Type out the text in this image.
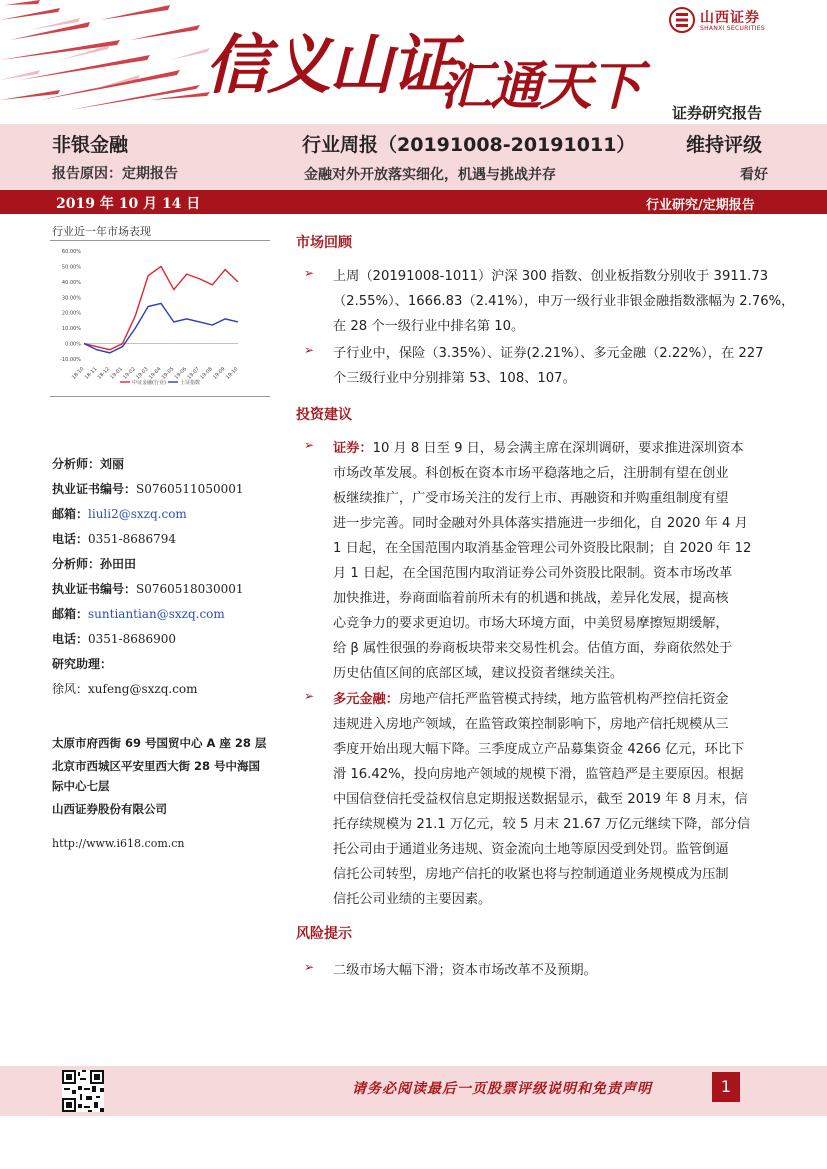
山西证券
SHANXI SECURITIES
信义山证
汇通天下 证券研究报告
非银金融	行业周报（20191008-20191011）	维持评级
报告原因：定期报告	金融对外开放落实细化，机遇与挑战并存	看好
2019 年 10 月 14 日	行业研究/定期报告
行业近一年市场表现
60.00%
50.00%
40.00%
30.00%
20.00%
10.00%
0.00%
-10.00%
18-10
18-11
18-12
19-01
19-02
19-03
19-04
19-05
19-06
19-07
19-08
19-09
19-10
中证金融(行业)	上证指数
分析师：刘丽
执业证书编号：S0760511050001
邮箱：liuli2@sxzq.com
电话：0351-8686794
分析师：孙田田
执业证书编号：S0760518030001
邮箱：suntiantian@sxzq.com
电话：0351-8686900
研究助理：
徐风：xufeng@sxzq.com
太原市府西街 69 号国贸中心 A 座 28 层
北京市西城区平安里西大街 28 号中海国
际中心七层
山西证券股份有限公司
http://www.i618.com.cn
市场回顾
➢ 上周（20191008-1011）沪深 300 指数、创业板指数分别收于 3911.73

（2.55%）、1666.83（2.41%），申万一级行业非银金融指数涨幅为 2.76%，

在 28 个一级行业中排名第 10。

➢ 子行业中，保险（3.35%）、证券(2.21%）、多元金融（2.22%），在 227

个三级行业中分别排第 53、108、107。

投资建议
➢ 证券：10 月 8 日至 9 日，易会满主席在深圳调研，要求推进深圳资本

市场改革发展。科创板在资本市场平稳落地之后，注册制有望在创业

板继续推广，广受市场关注的发行上市、再融资和并购重组制度有望

进一步完善。同时金融对外具体落实措施进一步细化，自 2020 年 4 月

1 日起，在全国范围内取消基金管理公司外资股比限制；自 2020 年 12

月 1 日起，在全国范围内取消证券公司外资股比限制。资本市场改革

加快推进，券商面临着前所未有的机遇和挑战，差异化发展，提高核

心竞争力的要求更迫切。市场大环境方面，中美贸易摩擦短期缓解，

给 β 属性很强的券商板块带来交易性机会。估值方面，券商依然处于

历史估值区间的底部区域，建议投资者继续关注。

➢ 多元金融：房地产信托严监管模式持续，地方监管机构严控信托资金

违规进入房地产领域，在监管政策控制影响下，房地产信托规模从三

季度开始出现大幅下降。三季度成立产品募集资金 4266 亿元，环比下

滑 16.42%，投向房地产领域的规模下滑，监管趋严是主要原因。根据

中国信登信托受益权信息定期报送数据显示，截至 2019 年 8 月末，信

托存续规模为 21.1 万亿元，较 5 月末 21.67 万亿元继续下降，部分信

托公司由于通道业务违规、资金流向土地等原因受到处罚。监管倒逼

信托公司转型，房地产信托的收紧也将与控制通道业务规模成为压制

信托公司业绩的主要因素。

风险提示
➢ 二级市场大幅下滑；资本市场改革不及预期。

请务必阅读最后一页股票评级说明和免责声明	1
